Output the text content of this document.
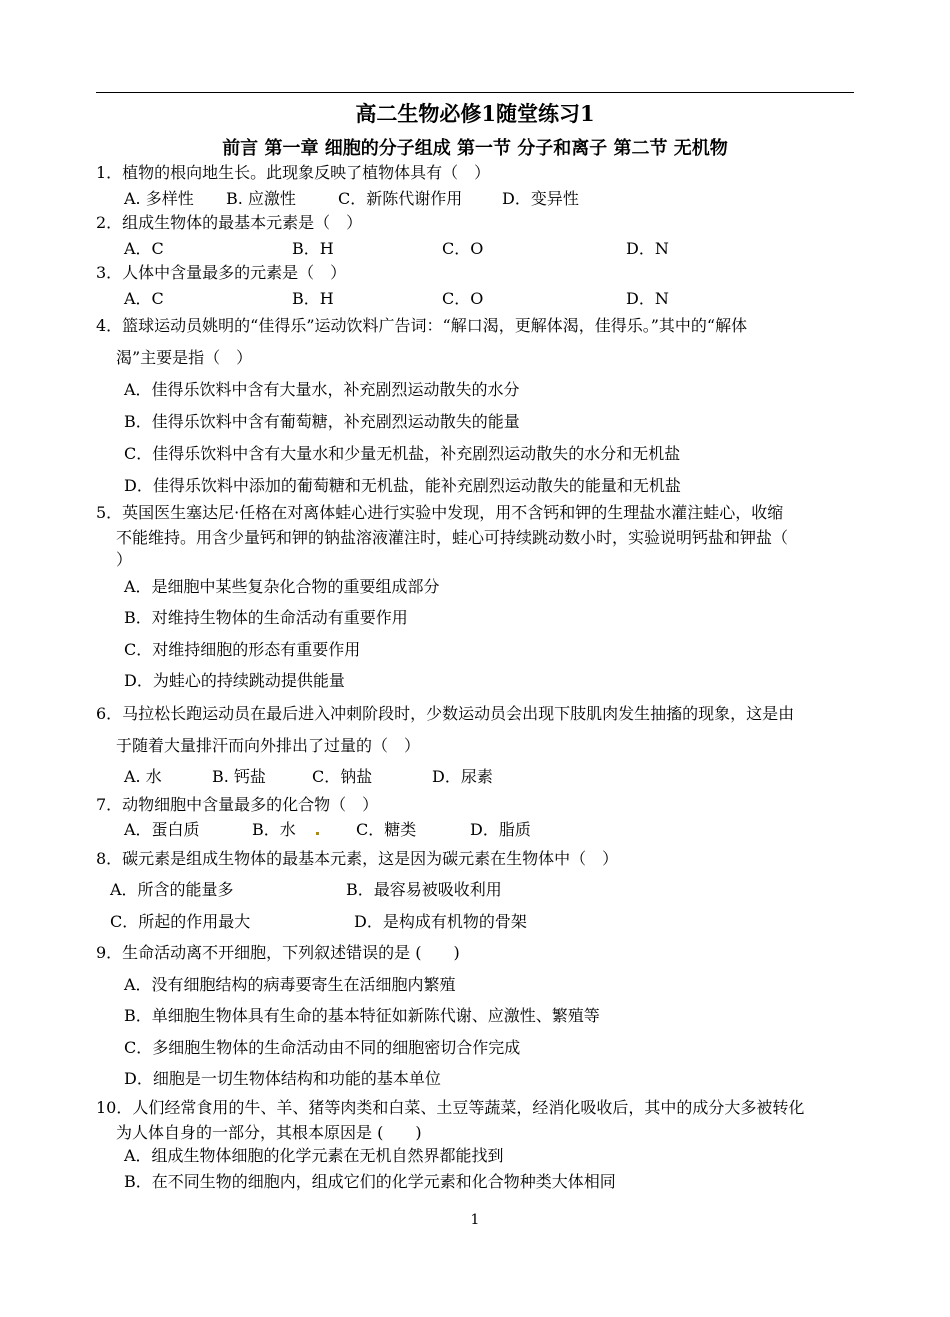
高二生物必修1随堂练习1
前言 第一章 细胞的分子组成 第一节 分子和离子 第二节 无机物
1．植物的根向地生长。此现象反映了植物体具有（　）
A. 多样性 B. 应激性	C．新陈代谢作用 D．变异性
2．组成生物体的最基本元素是（　）
A．C	B．H	C．O	D．N
3．人体中含量最多的元素是（　）
A．C	B．H	C．O	D．N
4．篮球运动员姚明的“佳得乐”运动饮料广告词：“解口渴，更解体渴，佳得乐。”其中的“解体
渴”主要是指（　）
A．佳得乐饮料中含有大量水，补充剧烈运动散失的水分
B．佳得乐饮料中含有葡萄糖，补充剧烈运动散失的能量
C．佳得乐饮料中含有大量水和少量无机盐，补充剧烈运动散失的水分和无机盐
D．佳得乐饮料中添加的葡萄糖和无机盐，能补充剧烈运动散失的能量和无机盐
5．英国医生塞达尼·任格在对离体蛙心进行实验中发现，用不含钙和钾的生理盐水灌注蛙心，收缩
不能维持。用含少量钙和钾的钠盐溶液灌注时，蛙心可持续跳动数小时，实验说明钙盐和钾盐（
）
A．是细胞中某些复杂化合物的重要组成部分
B．对维持生物体的生命活动有重要作用
C．对维持细胞的形态有重要作用
D．为蛙心的持续跳动提供能量
6．马拉松长跑运动员在最后进入冲刺阶段时，少数运动员会出现下肢肌肉发生抽搐的现象，这是由
于随着大量排汗而向外排出了过量的（　）
A. 水	B. 钙盐	C．钠盐	D．尿素
7．动物细胞中含量最多的化合物（　）
A．蛋白质	B．水	C．糖类	D．脂质
8．碳元素是组成生物体的最基本元素，这是因为碳元素在生物体中（　）
A．所含的能量多	B．最容易被吸收利用
C．所起的作用最大	D．是构成有机物的骨架
9．生命活动离不开细胞，下列叙述错误的是 (　　)
A．没有细胞结构的病毒要寄生在活细胞内繁殖
B．单细胞生物体具有生命的基本特征如新陈代谢、应激性、繁殖等
C．多细胞生物体的生命活动由不同的细胞密切合作完成
D．细胞是一切生物体结构和功能的基本单位
10．人们经常食用的牛、羊、猪等肉类和白菜、土豆等蔬菜，经消化吸收后，其中的成分大多被转化
为人体自身的一部分，其根本原因是 (　　)
A．组成生物体细胞的化学元素在无机自然界都能找到
B．在不同生物的细胞内，组成它们的化学元素和化合物种类大体相同
1
